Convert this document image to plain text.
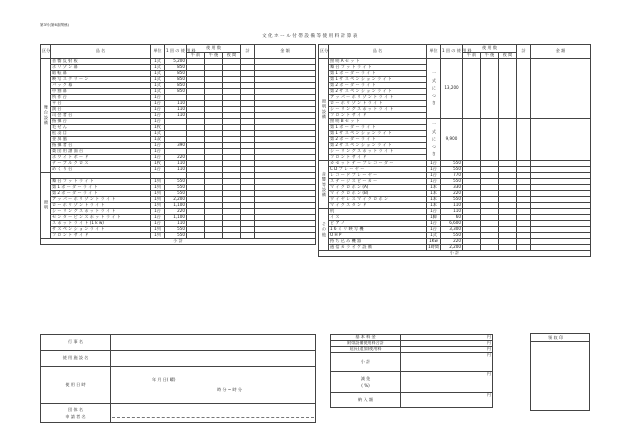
第3号(第6条関係)
文 化 ホ ー ル 付 帯 設 備 等 使 用 料 計 算 表
区分	品 名	単位	1 回 の 使 用 料	使 用 数			計	金 額
				午 前	午 後	夜 間		
舞台設備	音 響 反 射 板	1式	5,200					
	ホ リ ゾ ン 幕	1式	850					
	暗 転 幕	1式	850					
	映 写 ス ク リ ー ン	1式	850					
	バ ッ ク 幕	1式	850					
	中 割 幕	1式	850					
	所 作 台	1台						
	平 台	1台	110					
	演 台	1台	110					
	司 会 者 台	1台	110					
	指 揮 台	1台						
	毛 せ ん	1枚						
	松 羽 目	1式						
	金 屏 風	1双						
	指 揮 者 台	1台	390					
	楽 団 用 譜 面 台	1台						
	ホ ワ イ ト ボ ー ド	1台	220					
	テ ー ブ ル ク ロ ス	1枚	110					
	め く り 台	1台	110					
照明								
	舞 台 フ ッ ト ラ イ ト	1列	550					
	第 1 ボ ー ダ ー ラ イ ト	1列	550					
	第 2 ボ ー ダ ー ラ イ ト	1列	550					
	ア ッ パ ー ホ リ ゾ ン ト ラ イ ト	1列	2,200					
	ロ ー ホ リ ゾ ン ト ラ イ ト	1列	1,100					
	シ ー リ ン グ ス ポ ッ ト ラ イ ト	1台	220					
	セ ン タ ー ピ ン ス ポ ッ ト ラ イ ト	1台	1,100					
	ス ポ ッ ト ラ イ ト (1 k w)	1台	110					
	サ ス ペ ン シ ョ ン ラ イ ト	1列	550					
	フ ロ ン ト サ イ ド	1列	550					
小 計								
区分	品 名	単位	1 回 の 使 用 料	使 用 数			計	金 額
				午 前	午 後	夜 間		
照明設備	照 明 A セ ッ ト	一 式 に つ き	13,200					
	舞 台 フ ッ ト ラ イ ト							
	第 1 ボ ー ダ ー ラ イ ト							
	第 1 サ ス ペ ン シ ョ ン ラ イ ト							
	第 2 ボ ー ダ ー ラ イ ト							
	第 2 サ ス ペ ン シ ョ ン ラ イ ト							
	ア ッ パ ー ホ リ ゾ ン ト ラ イ ト							
	ロ ー ホ リ ゾ ン ト ラ イ ト							
	シ ー リ ン グ ス ポ ッ ト ラ イ ト							
	フ ロ ン ト サ イ ド							
	照 明 B セ ッ ト	一 式 に つ き	9,900					
	第 1 ボ ー ダ ー ラ イ ト							
	第 1 サ ス ペ ン シ ョ ン ラ イ ト							
	第 2 ボ ー ダ ー ラ イ ト							
	第 2 サ ス ペ ン シ ョ ン ラ イ ト							
	シ ー リ ン グ ス ポ ッ ト ラ イ ト							
	フ ロ ン ト サ イ ド							
音響等設備	カ セ ッ ト テ ー プ レ コ ー ダ ー	1台	550					
	C D プ レ ー ヤ ー	1台	550					
	レ コ ー ド プ レ ー ヤ ー	1台	770					
	ス テ ー ジ ス ピ ー カ ー	1台	550					
	マ イ ク ロ ホ ン (A)	1本	330					
	マ イ ク ロ ホ ン (B)	1本	220					
	ワ イ ヤ レ ス マ イ ク ロ ホ ン	1本	550					
	マ イ ク ス タ ン ド	1本	110					
その他	机	1台	110					
	イ ス	1脚	60					
	ピ ア ノ	1台	6,600					
	1 6 ミ リ 映 写 機	1台	3,300					
	O H P	1式	550					
	持 ち 込 み 機 器	1Kw	220					
	通 信 カ ラ オ ケ 設 備	1時間	2,200					
小 計								
行 事 名	
使 用 施 設 名	
使 用 日 時	年 月 日( 曜)
時 分 ~ 時 分

団 体 名
申 請 者 名	

基 本 料 金	円
附帯設備使用料合計	円
延長(追加)使用料	円
小 計	円

減 免
( %)	円
納 入 額	円
領 収 印
